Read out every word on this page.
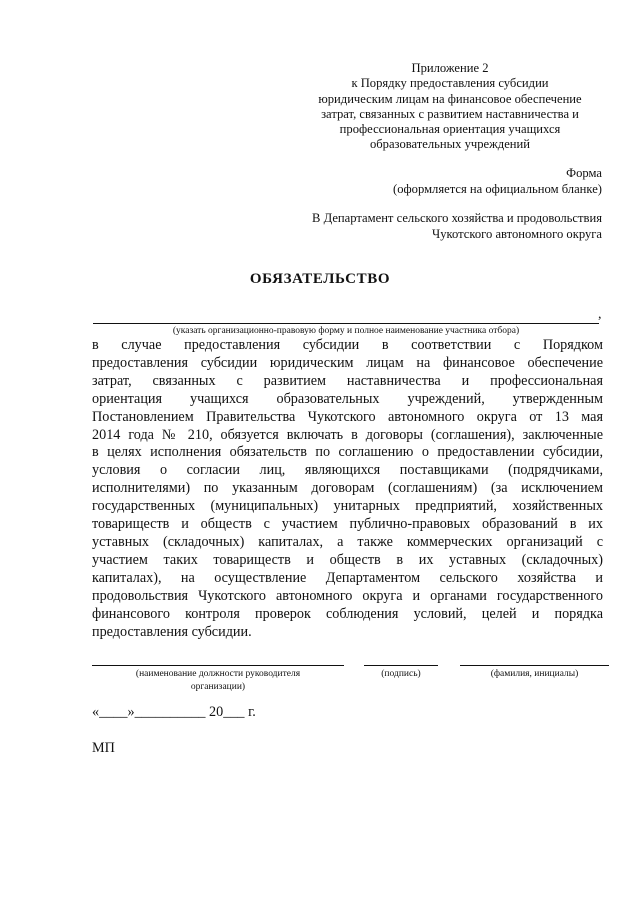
Приложение 2
к Порядку предоставления субсидии
юридическим лицам на финансовое обеспечение
затрат, связанных с развитием наставничества и
профессиональная ориентация учащихся
образовательных учреждений
Форма
(оформляется на официальном бланке)
В Департамент сельского хозяйства и продовольствия
Чукотского автономного округа
ОБЯЗАТЕЛЬСТВО
,
(указать организационно-правовую форму и полное наименование участника отбора)
в случае предоставления субсидии в соответствии с Порядком
предоставления субсидии юридическим лицам на финансовое обеспечение
затрат, связанных с развитием наставничества и профессиональная
ориентация учащихся образовательных учреждений, утвержденным
Постановлением Правительства Чукотского автономного округа от 13 мая
2014 года № 210, обязуется включать в договоры (соглашения), заключенные
в целях исполнения обязательств по соглашению о предоставлении субсидии,
условия о согласии лиц, являющихся поставщиками (подрядчиками,
исполнителями) по указанным договорам (соглашениям) (за исключением
государственных (муниципальных) унитарных предприятий, хозяйственных
товариществ и обществ с участием публично-правовых образований в их
уставных (складочных) капиталах, а также коммерческих организаций с
участием таких товариществ и обществ в их уставных (складочных)
капиталах), на осуществление Департаментом сельского хозяйства и
продовольствия Чукотского автономного округа и органами государственного
финансового контроля проверок соблюдения условий, целей и порядка
предоставления субсидии.
(наименование должности руководителя
организации)
(подпись)	(фамилия, инициалы)
«____»__________ 20___ г.
МП
